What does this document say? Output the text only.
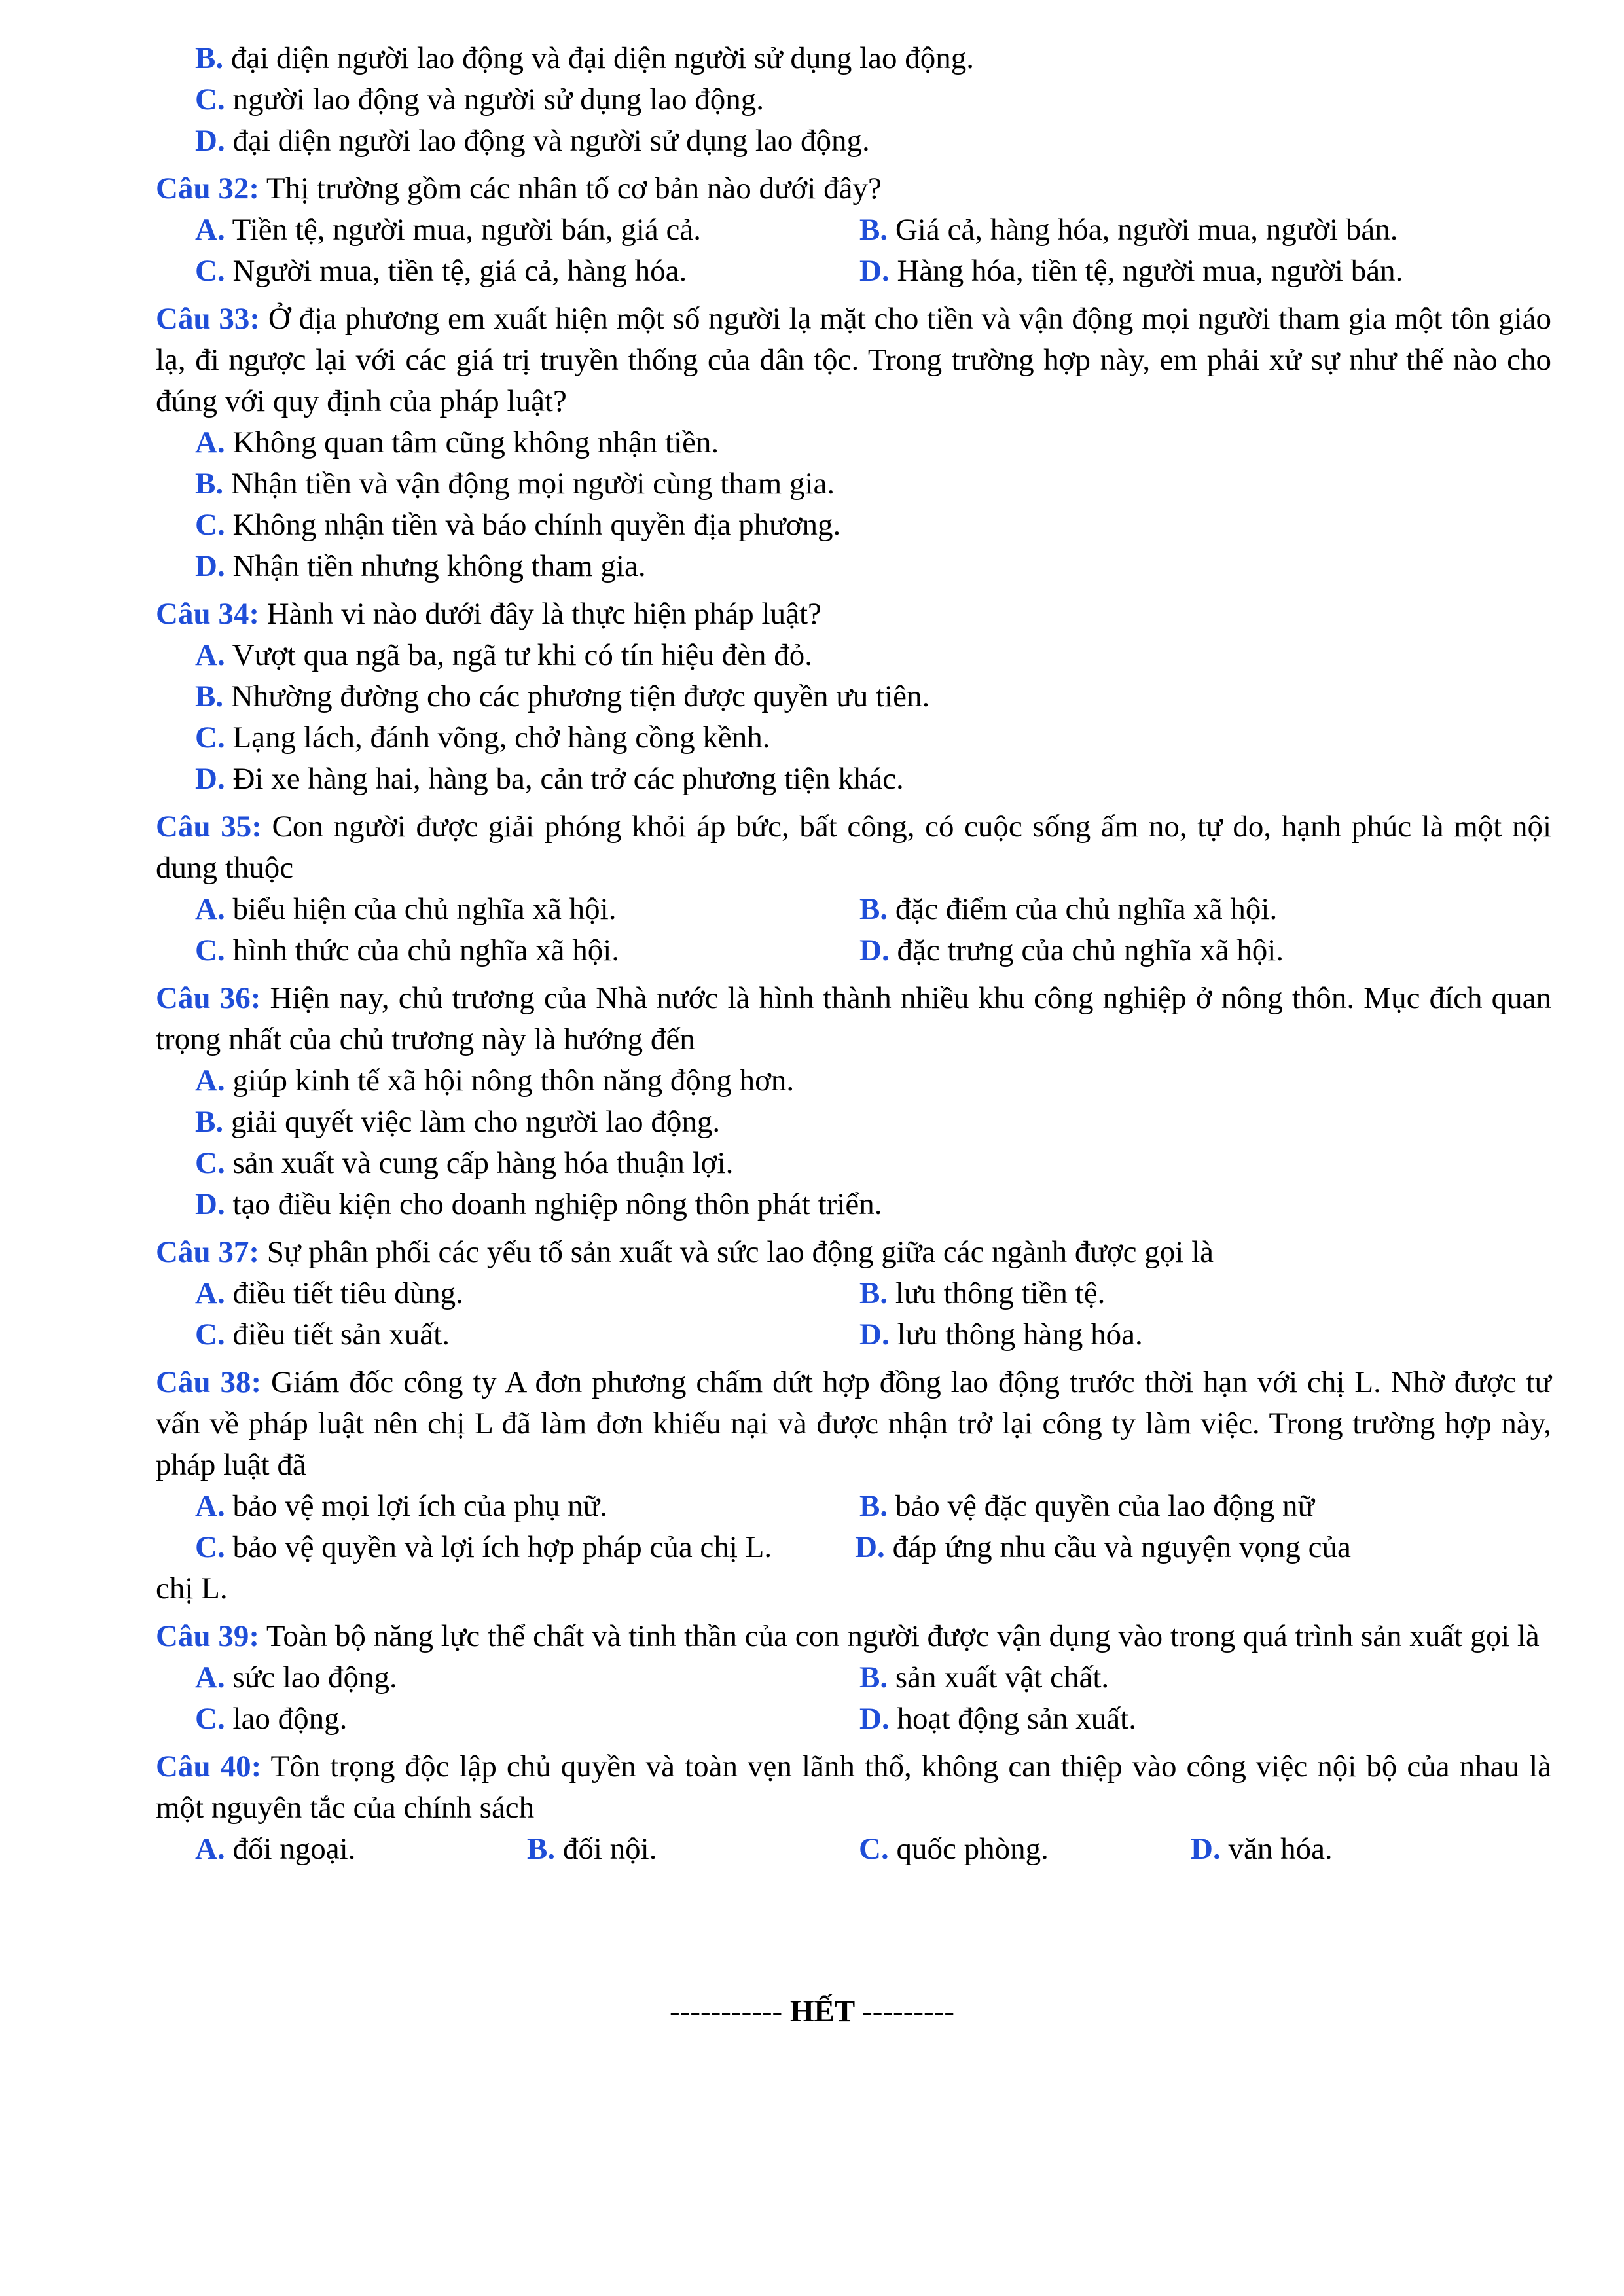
B. đại diện người lao động và đại diện người sử dụng lao động.
C. người lao động và người sử dụng lao động.
D. đại diện người lao động và người sử dụng lao động.
Câu 32: Thị trường gồm các nhân tố cơ bản nào dưới đây?
A. Tiền tệ, người mua, người bán, giá cả.	B. Giá cả, hàng hóa, người mua, người bán.
C. Người mua, tiền tệ, giá cả, hàng hóa.	D. Hàng hóa, tiền tệ, người mua, người bán.
Câu 33: Ở địa phương em xuất hiện một số người lạ mặt cho tiền và vận động mọi người tham gia một tôn giáo lạ, đi ngược lại với các giá trị truyền thống của dân tộc. Trong trường hợp này, em phải xử sự như thế nào cho đúng với quy định của pháp luật?
A. Không quan tâm cũng không nhận tiền.
B. Nhận tiền và vận động mọi người cùng tham gia.
C. Không nhận tiền và báo chính quyền địa phương.
D. Nhận tiền nhưng không tham gia.
Câu 34: Hành vi nào dưới đây là thực hiện pháp luật?
A. Vượt qua ngã ba, ngã tư khi có tín hiệu đèn đỏ.
B. Nhường đường cho các phương tiện được quyền ưu tiên.
C. Lạng lách, đánh võng, chở hàng cồng kềnh.
D. Đi xe hàng hai, hàng ba, cản trở các phương tiện khác.
Câu 35: Con người được giải phóng khỏi áp bức, bất công, có cuộc sống ấm no, tự do, hạnh phúc là một nội dung thuộc
A. biểu hiện của chủ nghĩa xã hội.	B. đặc điểm của chủ nghĩa xã hội.
C. hình thức của chủ nghĩa xã hội.	D. đặc trưng của chủ nghĩa xã hội.
Câu 36: Hiện nay, chủ trương của Nhà nước là hình thành nhiều khu công nghiệp ở nông thôn. Mục đích quan trọng nhất của chủ trương này là hướng đến
A. giúp kinh tế xã hội nông thôn năng động hơn.
B. giải quyết việc làm cho người lao động.
C. sản xuất và cung cấp hàng hóa thuận lợi.
D. tạo điều kiện cho doanh nghiệp nông thôn phát triển.
Câu 37: Sự phân phối các yếu tố sản xuất và sức lao động giữa các ngành được gọi là
A. điều tiết tiêu dùng.	B. lưu thông tiền tệ.
C. điều tiết sản xuất.	D. lưu thông hàng hóa.
Câu 38: Giám đốc công ty A đơn phương chấm dứt hợp đồng lao động trước thời hạn với chị L. Nhờ được tư vấn về pháp luật nên chị L đã làm đơn khiếu nại và được nhận trở lại công ty làm việc. Trong trường hợp này, pháp luật đã
A. bảo vệ mọi lợi ích của phụ nữ.	B. bảo vệ đặc quyền của lao động nữ
C. bảo vệ quyền và lợi ích hợp pháp của chị L.	D. đáp ứng nhu cầu và nguyện vọng của
chị L.
Câu 39: Toàn bộ năng lực thể chất và tinh thần của con người được vận dụng vào trong quá trình sản xuất gọi là
A. sức lao động.	B. sản xuất vật chất.
C. lao động.	D. hoạt động sản xuất.
Câu 40: Tôn trọng độc lập chủ quyền và toàn vẹn lãnh thổ, không can thiệp vào công việc nội bộ của nhau là một nguyên tắc của chính sách
A. đối ngoại.	B. đối nội.	C. quốc phòng.	D. văn hóa.
----------- HẾT ---------
